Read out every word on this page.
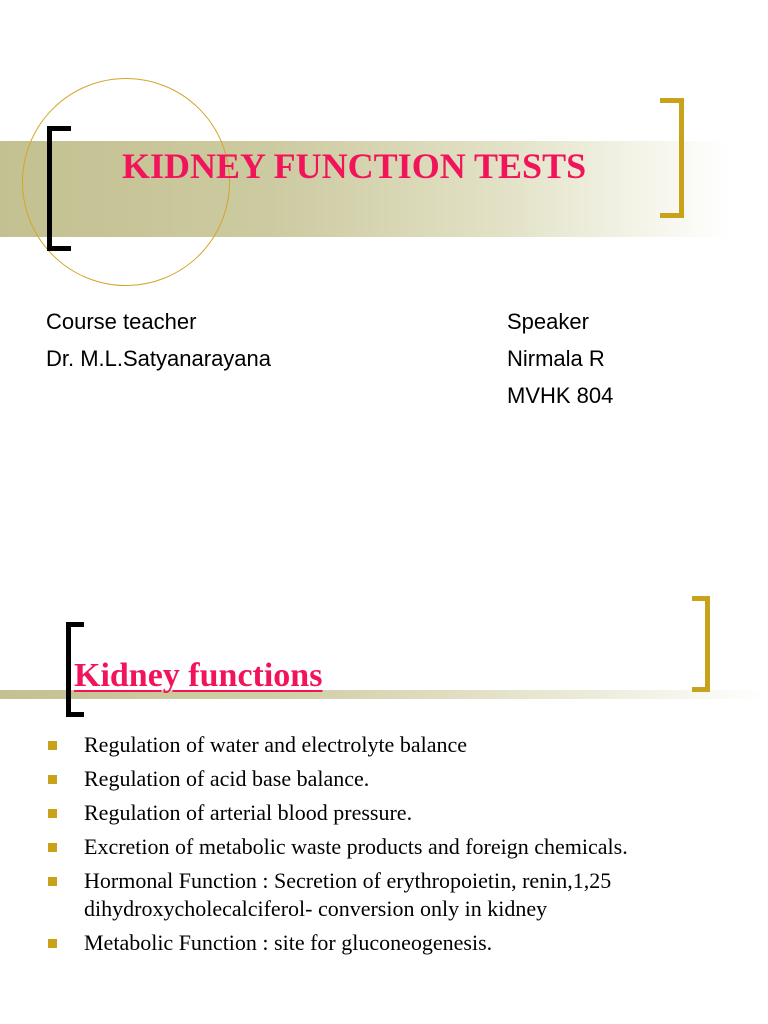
KIDNEY FUNCTION TESTS
Course teacher
Dr. M.L.Satyanarayana
Speaker
Nirmala R
MVHK 804
Kidney functions
Regulation of water and electrolyte balance
Regulation of acid base balance.
Regulation of arterial blood pressure.
Excretion of metabolic waste products and foreign chemicals.
Hormonal Function : Secretion of erythropoietin, renin,1,25 dihydroxycholecalciferol- conversion only in kidney
Metabolic Function : site for gluconeogenesis.
